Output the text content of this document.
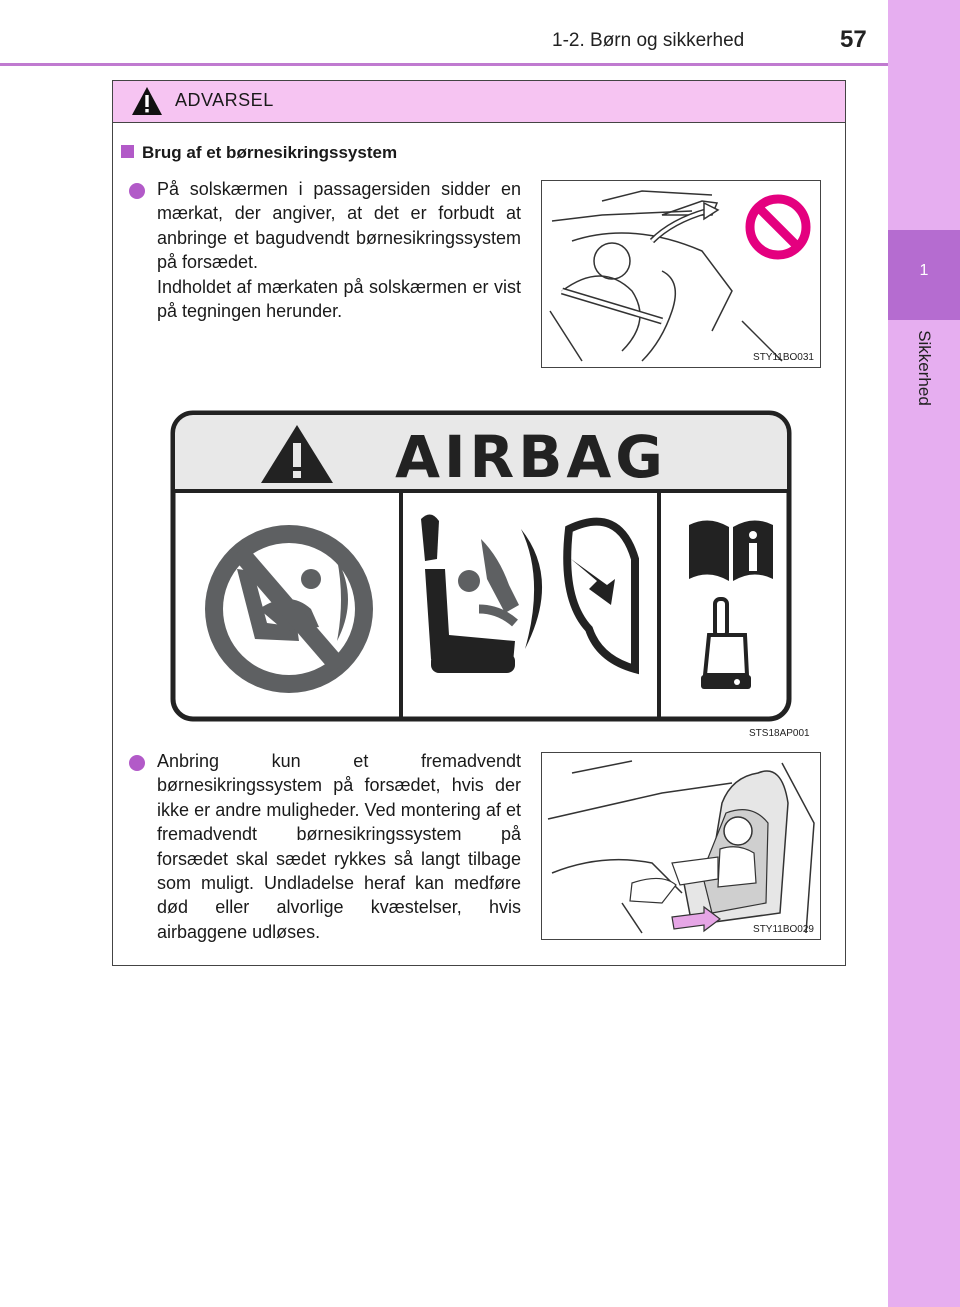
1
Sikkerhed
1-2. Børn og sikkerhed	57
ADVARSEL
Brug af et børnesikringssystem

På solskærmen i passagersiden sidder en mærkat, der angiver, at det er forbudt at anbringe et bagudvendt børnesikringssystem på forsædet.

Indholdet af mærkaten på solskærmen er vist på tegningen herunder.

STY11BO031
AIRBAG
STS18AP001

Anbring kun et fremadvendt børnesikringssystem på forsædet, hvis der ikke er andre muligheder. Ved montering af et fremadvendt børnesikringssystem på forsædet skal sædet rykkes så langt tilbage som muligt. Undladelse heraf kan medføre død eller alvorlige kvæstelser, hvis airbaggene udløses.	STY11BO029
